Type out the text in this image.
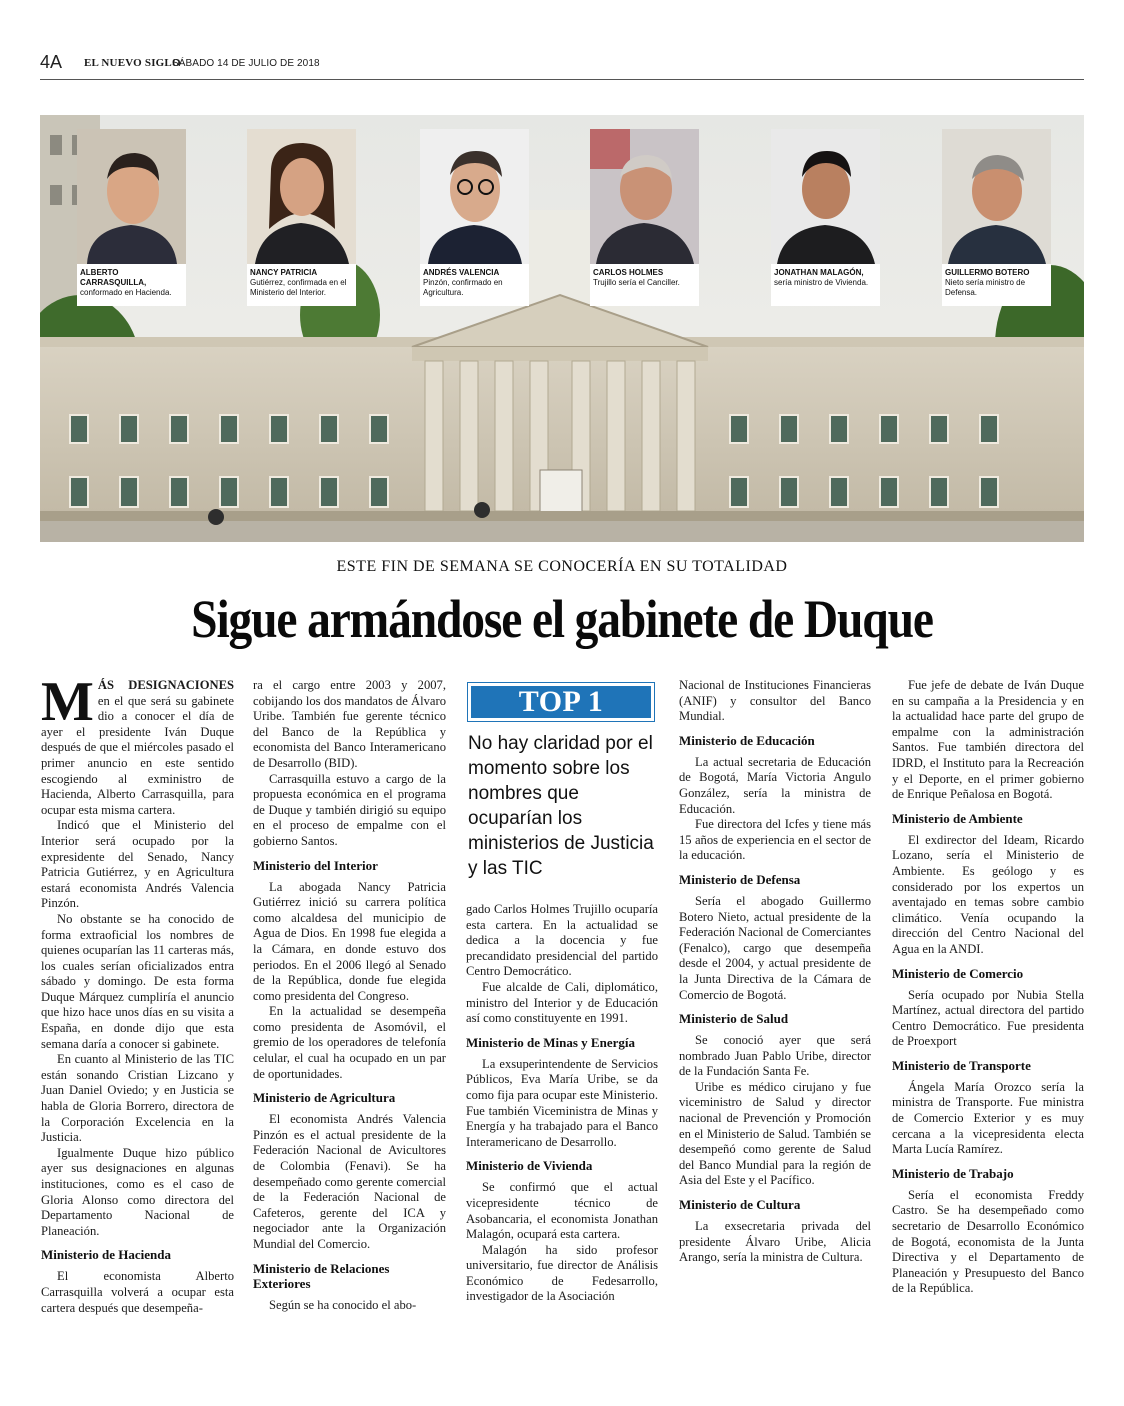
4A EL NUEVO SIGLO
SÁBADO 14 DE JULIO DE 2018
ALBERTO CARRASQUILLA,
conformado en Hacienda.
NANCY PATRICIA
Gutiérrez, confirmada en el Ministerio del Interior.
ANDRÉS VALENCIA
Pinzón, confirmado en Agricultura.
CARLOS HOLMES
Trujillo sería el Canciller.
JONATHAN MALAGÓN,
sería ministro de Vivienda.
GUILLERMO BOTERO
Nieto sería ministro de Defensa.
ESTE FIN DE SEMANA SE CONOCERÍA EN SU TOTALIDAD
Sigue armándose el gabinete de Duque

MÁS DESIGNACIONES en el que será su gabinete dio a conocer el día de ayer el presidente Iván Duque después de que el miércoles pasado el primer anuncio en este sentido escogiendo al exministro de Hacienda, Alberto Carrasquilla, para ocupar esta misma cartera.

Indicó que el Ministerio del Interior será ocupado por la expresidente del Senado, Nancy Patricia Gutiérrez, y en Agricultura estará economista Andrés Valencia Pinzón.

No obstante se ha conocido de forma extraoficial los nombres de quienes ocuparían las 11 carteras más, los cuales serían oficializados entra sábado y domingo. De esta forma Duque Márquez cumpliría el anuncio que hizo hace unos días en su visita a España, en donde dijo que esta semana daría a conocer si gabinete.

En cuanto al Ministerio de las TIC están sonando Cristian Lizcano y Juan Daniel Oviedo; y en Justicia se habla de Gloria Borrero, directora de la Corporación Excelencia en la Justicia.

Igualmente Duque hizo público ayer sus designaciones en algunas instituciones, como es el caso de Gloria Alonso como directora del Departamento Nacional de Planeación.

Ministerio de Hacienda

El economista Alberto Carrasquilla volverá a ocupar esta cartera después que desempeña-

ra el cargo entre 2003 y 2007, cobijando los dos mandatos de Álvaro Uribe. También fue gerente técnico del Banco de la República y economista del Banco Interamericano de Desarrollo (BID).

Carrasquilla estuvo a cargo de la propuesta económica en el programa de Duque y también dirigió su equipo en el proceso de empalme con el gobierno Santos.

Ministerio del Interior

La abogada Nancy Patricia Gutiérrez inició su carrera política como alcaldesa del municipio de Agua de Dios. En 1998 fue elegida a la Cámara, en donde estuvo dos periodos. En el 2006 llegó al Senado de la República, donde fue elegida como presidenta del Congreso.

En la actualidad se desempeña como presidenta de Asomóvil, el gremio de los operadores de telefonía celular, el cual ha ocupado en un par de oportunidades.

Ministerio de Agricultura

El economista Andrés Valencia Pinzón es el actual presidente de la Federación Nacional de Avicultores de Colombia (Fenavi). Se ha desempeñado como gerente comercial de la Federación Nacional de Cafeteros, gerente del ICA y negociador ante la Organización Mundial del Comercio.

Ministerio de Relaciones Exteriores

Según se ha conocido el abo-

TOP 1
No hay claridad por el momento sobre los nombres que ocuparían los ministerios de Justicia y las TIC

gado Carlos Holmes Trujillo ocuparía esta cartera. En la actualidad se dedica a la docencia y fue precandidato presidencial del partido Centro Democrático.

Fue alcalde de Cali, diplomático, ministro del Interior y de Educación así como constituyente en 1991.

Ministerio de Minas y Energía

La exsuperintendente de Servicios Públicos, Eva María Uribe, se da como fija para ocupar este Ministerio. Fue también Viceministra de Minas y Energía y ha trabajado para el Banco Interamericano de Desarrollo.

Ministerio de Vivienda

Se confirmó que el actual vicepresidente técnico de Asobancaria, el economista Jonathan Malagón, ocupará esta cartera.

Malagón ha sido profesor universitario, fue director de Análisis Económico de Fedesarrollo, investigador de la Asociación

Nacional de Instituciones Financieras (ANIF) y consultor del Banco Mundial.

Ministerio de Educación

La actual secretaria de Educación de Bogotá, María Victoria Angulo González, sería la ministra de Educación.

Fue directora del Icfes y tiene más 15 años de experiencia en el sector de la educación.

Ministerio de Defensa

Sería el abogado Guillermo Botero Nieto, actual presidente de la Federación Nacional de Comerciantes (Fenalco), cargo que desempeña desde el 2004, y actual presidente de la Junta Directiva de la Cámara de Comercio de Bogotá.

Ministerio de Salud

Se conoció ayer que será nombrado Juan Pablo Uribe, director de la Fundación Santa Fe.

Uribe es médico cirujano y fue viceministro de Salud y director nacional de Prevención y Promoción en el Ministerio de Salud. También se desempeñó como gerente de Salud del Banco Mundial para la región de Asia del Este y el Pacífico.

Ministerio de Cultura

La exsecretaria privada del presidente Álvaro Uribe, Alicia Arango, sería la ministra de Cultura.

Fue jefe de debate de Iván Duque en su campaña a la Presidencia y en la actualidad hace parte del grupo de empalme con la administración Santos. Fue también directora del IDRD, el Instituto para la Recreación y el Deporte, en el primer gobierno de Enrique Peñalosa en Bogotá.

Ministerio de Ambiente

El exdirector del Ideam, Ricardo Lozano, sería el Ministerio de Ambiente. Es geólogo y es considerado por los expertos un aventajado en temas sobre cambio climático. Venía ocupando la dirección del Centro Nacional del Agua en la ANDI.

Ministerio de Comercio

Sería ocupado por Nubia Stella Martínez, actual directora del partido Centro Democrático. Fue presidenta de Proexport

Ministerio de Transporte

Ángela María Orozco sería la ministra de Transporte. Fue ministra de Comercio Exterior y es muy cercana a la vicepresidenta electa Marta Lucía Ramírez.

Ministerio de Trabajo

Sería el economista Freddy Castro. Se ha desempeñado como secretario de Desarrollo Económico de Bogotá, economista de la Junta Directiva y el Departamento de Planeación y Presupuesto del Banco de la República.
